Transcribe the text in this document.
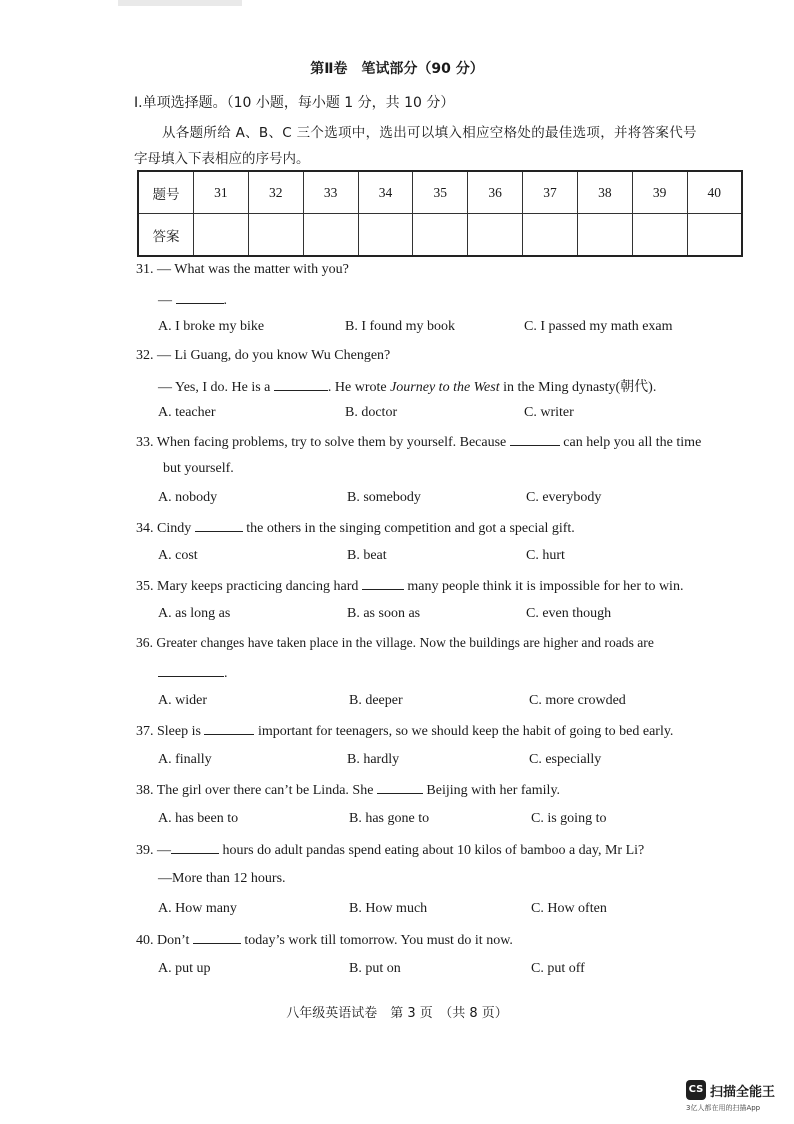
第Ⅱ卷　笔试部分（90 分）
I.单项选择题。（10 小题，每小题 1 分，共 10 分）
从各题所给 A、B、C 三个选项中，选出可以填入相应空格处的最佳选项，并将答案代号
字母填入下表相应的序号内。
题号	31	32	33	34	35	36	37	38	39	40
答案										
31. — What was the matter with you?
—	.
A. I broke my bike	B. I found my book	C. I passed my math exam
32. — Li Guang, do you know Wu Chengen?
— Yes, I do. He is a	. He wrote Journey to the West in the Ming dynasty(朝代).
A. teacher	B. doctor	C. writer
33. When facing problems, try to solve them by yourself. Because	can help you all the time
but yourself.
A. nobody	B. somebody	C. everybody
34. Cindy	the others in the singing competition and got a special gift.
A. cost	B. beat	C. hurt
35. Mary keeps practicing dancing hard	many people think it is impossible for her to win.
A. as long as	B. as soon as	C. even though
36. Greater changes have taken place in the village. Now the buildings are higher and roads are
.
A. wider	B. deeper	C. more crowded
37. Sleep is	important for teenagers, so we should keep the habit of going to bed early.
A. finally	B. hardly	C. especially
38. The girl over there can’t be Linda. She	Beijing with her family.
A. has been to	B. has gone to	C. is going to
39. —	hours do adult pandas spend eating about 10 kilos of bamboo a day, Mr Li?
—More than 12 hours.
A. How many	B. How much	C. How often
40. Don’t	today’s work till tomorrow. You must do it now.
A. put up	B. put on	C. put off
八年级英语试卷　第 3 页　（共 8 页）
CS 扫描全能王
3亿人都在用的扫描App
